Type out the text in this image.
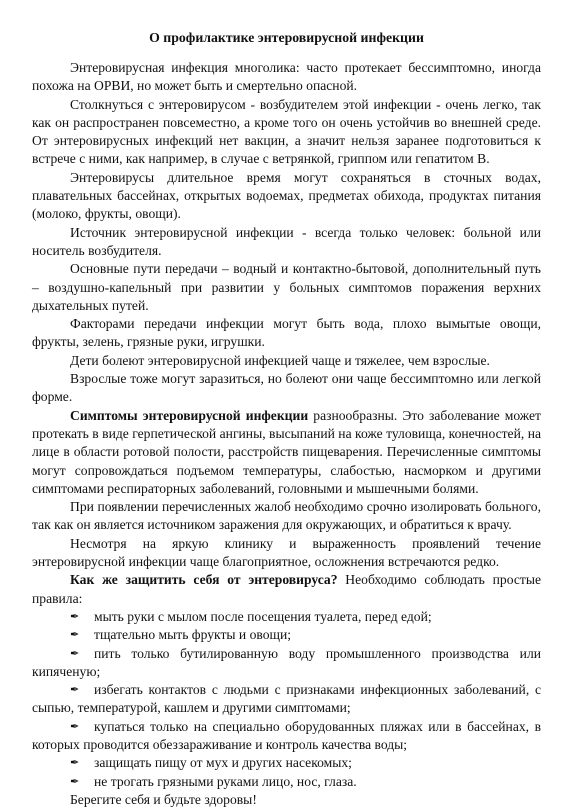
О профилактике энтеровирусной инфекции

Энтеровирусная инфекция многолика: часто протекает бессимптомно, иногда похожа на ОРВИ, но может быть и смертельно опасной.

Столкнуться с энтеровирусом - возбудителем этой инфекции - очень легко, так как он распространен повсеместно, а кроме того он очень устойчив во внешней среде. От энтеровирусных инфекций нет вакцин, а значит нельзя заранее подготовиться к встрече с ними, как например, в случае с ветрянкой, гриппом или гепатитом В.

Энтеровирусы длительное время могут сохраняться в сточных водах, плавательных бассейнах, открытых водоемах, предметах обихода, продуктах питания (молоко, фрукты, овощи).

Источник энтеровирусной инфекции - всегда только человек: больной или носитель возбудителя.

Основные пути передачи – водный и контактно-бытовой, дополнительный путь – воздушно-капельный при развитии у больных симптомов поражения верхних дыхательных путей.

Факторами передачи инфекции могут быть вода, плохо вымытые овощи, фрукты, зелень, грязные руки, игрушки.

Дети болеют энтеровирусной инфекцией чаще и тяжелее, чем взрослые.

Взрослые тоже могут заразиться, но болеют они чаще бессимптомно или легкой форме.

Симптомы энтеровирусной инфекции разнообразны. Это заболевание может протекать в виде герпетической ангины, высыпаний на коже туловища, конечностей, на лице в области ротовой полости, расстройств пищеварения. Перечисленные симптомы могут сопровождаться подъемом температуры, слабостью, насморком и другими симптомами респираторных заболеваний, головными и мышечными болями.

При появлении перечисленных жалоб необходимо срочно изолировать больного, так как он является источником заражения для окружающих, и обратиться к врачу.

Несмотря на яркую клинику и выраженность проявлений течение энтеровирусной инфекции чаще благоприятное, осложнения встречаются редко.

Как же защитить себя от энтеровируса? Необходимо соблюдать простые правила:

✒ мыть руки с мылом после посещения туалета, перед едой;
✒ тщательно мыть фрукты и овощи;
✒ пить только бутилированную воду промышленного производства или кипяченую;
✒ избегать контактов с людьми с признаками инфекционных заболеваний, с сыпью, температурой, кашлем и другими симптомами;
✒ купаться только на специально оборудованных пляжах или в бассейнах, в которых проводится обеззараживание и контроль качества воды;
✒ защищать пищу от мух и других насекомых;
✒ не трогать грязными руками лицо, нос, глаза.

Берегите себя и будьте здоровы!
